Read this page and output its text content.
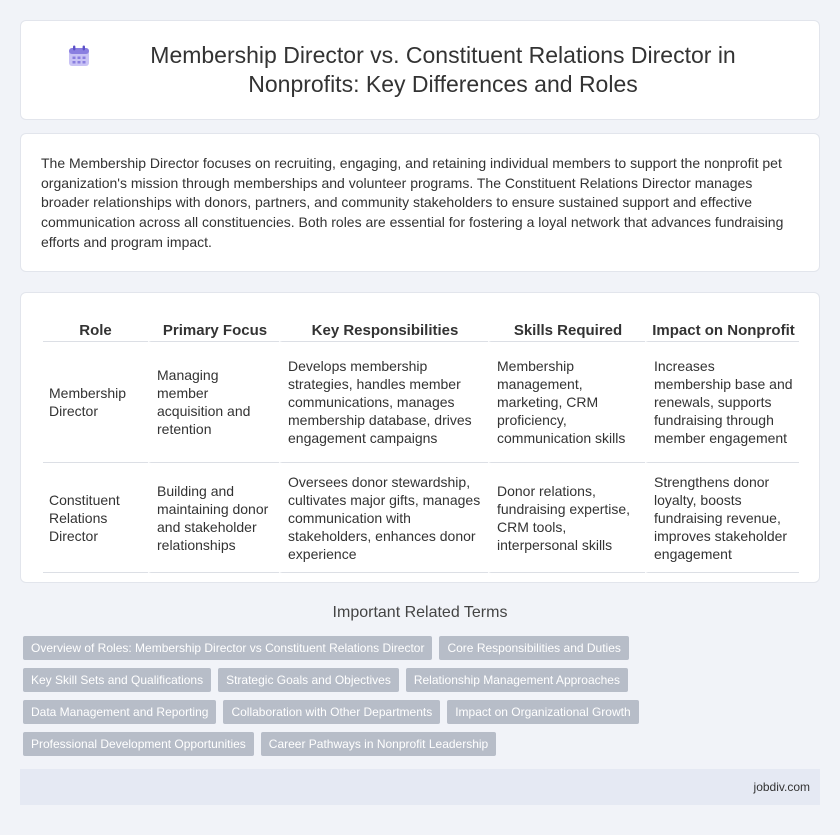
Membership Director vs. Constituent Relations Director in Nonprofits: Key Differences and Roles

The Membership Director focuses on recruiting, engaging, and retaining individual members to support the nonprofit pet organization's mission through memberships and volunteer programs. The Constituent Relations Director manages broader relationships with donors, partners, and community stakeholders to ensure sustained support and effective communication across all constituencies. Both roles are essential for fostering a loyal network that advances fundraising efforts and program impact.

Role	Primary Focus	Key Responsibilities	Skills Required	Impact on Nonprofit
Membership Director	Managing member acquisition and retention	Develops membership strategies, handles member communications, manages membership database, drives engagement campaigns	Membership management, marketing, CRM proficiency, communication skills	Increases membership base and renewals, supports fundraising through member engagement
Constituent Relations Director	Building and maintaining donor and stakeholder relationships	Oversees donor stewardship, cultivates major gifts, manages communication with stakeholders, enhances donor experience	Donor relations, fundraising expertise, CRM tools, interpersonal skills	Strengthens donor loyalty, boosts fundraising revenue, improves stakeholder engagement
Important Related Terms
Overview of Roles: Membership Director vs Constituent Relations Director	Core Responsibilities and Duties
Key Skill Sets and Qualifications	Strategic Goals and Objectives	Relationship Management Approaches
Data Management and Reporting	Collaboration with Other Departments	Impact on Organizational Growth
Professional Development Opportunities	Career Pathways in Nonprofit Leadership
jobdiv.com
